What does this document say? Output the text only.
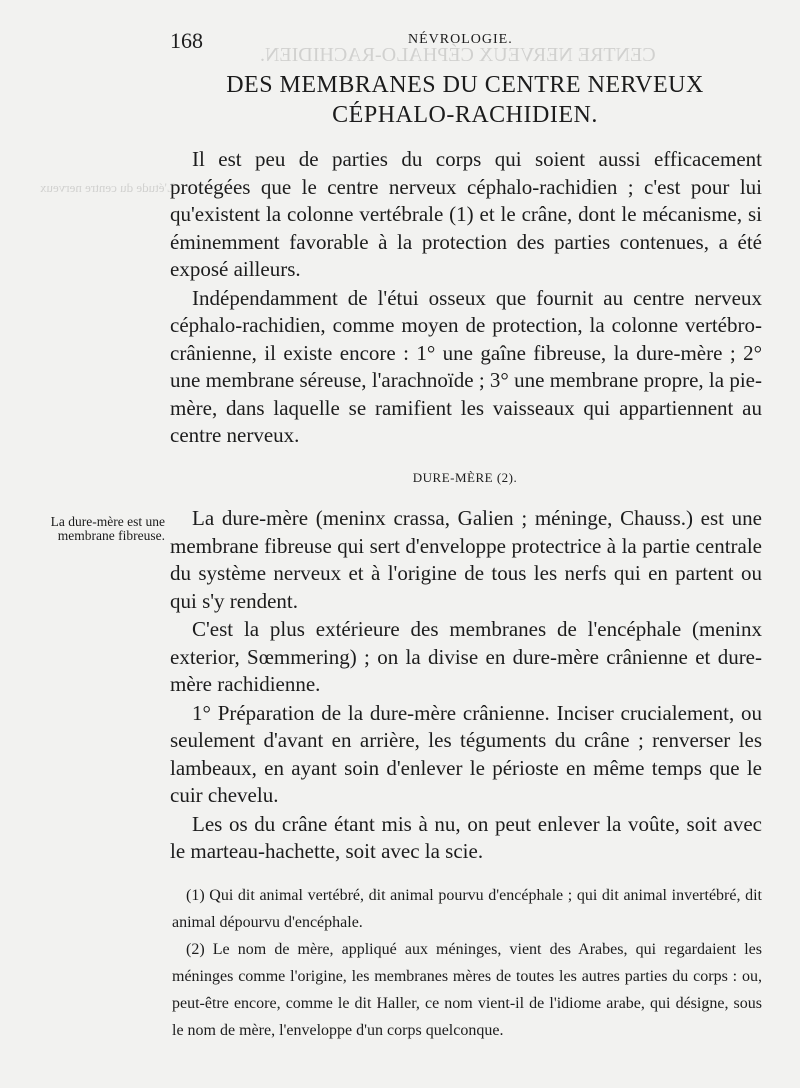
CENTRE NERVEUX CÉPHALO-RACHIDIEN.
L'étude du centre nerveux
168	NÉVROLOGIE.
DES MEMBRANES DU CENTRE NERVEUX CÉPHALO-RACHIDIEN.

Il est peu de parties du corps qui soient aussi efficacement protégées que le centre nerveux céphalo-rachidien ; c'est pour lui qu'existent la colonne vertébrale (1) et le crâne, dont le mécanisme, si éminemment favorable à la protection des parties contenues, a été exposé ailleurs.

Indépendamment de l'étui osseux que fournit au centre nerveux céphalo-rachidien, comme moyen de protection, la colonne vertébro-crânienne, il existe encore : 1° une gaîne fibreuse, la dure-mère ; 2° une membrane séreuse, l'arachnoïde ; 3° une membrane propre, la pie-mère, dans laquelle se ramifient les vaisseaux qui appartiennent au centre nerveux.

DURE-MÈRE (2).
La dure-mère est une membrane fibreuse.

La dure-mère (meninx crassa, Galien ; méninge, Chauss.) est une membrane fibreuse qui sert d'enveloppe protectrice à la partie centrale du système nerveux et à l'origine de tous les nerfs qui en partent ou qui s'y rendent.

C'est la plus extérieure des membranes de l'encéphale (meninx exterior, Sœmmering) ; on la divise en dure-mère crânienne et dure-mère rachidienne.

1° Préparation de la dure-mère crânienne. Inciser crucialement, ou seulement d'avant en arrière, les téguments du crâne ; renverser les lambeaux, en ayant soin d'enlever le périoste en même temps que le cuir chevelu.

Les os du crâne étant mis à nu, on peut enlever la voûte, soit avec le marteau-hachette, soit avec la scie.

(1) Qui dit animal vertébré, dit animal pourvu d'encéphale ; qui dit animal invertébré, dit animal dépourvu d'encéphale.

(2) Le nom de mère, appliqué aux méninges, vient des Arabes, qui regardaient les méninges comme l'origine, les membranes mères de toutes les autres parties du corps : ou, peut-être encore, comme le dit Haller, ce nom vient-il de l'idiome arabe, qui désigne, sous le nom de mère, l'enveloppe d'un corps quelconque.
